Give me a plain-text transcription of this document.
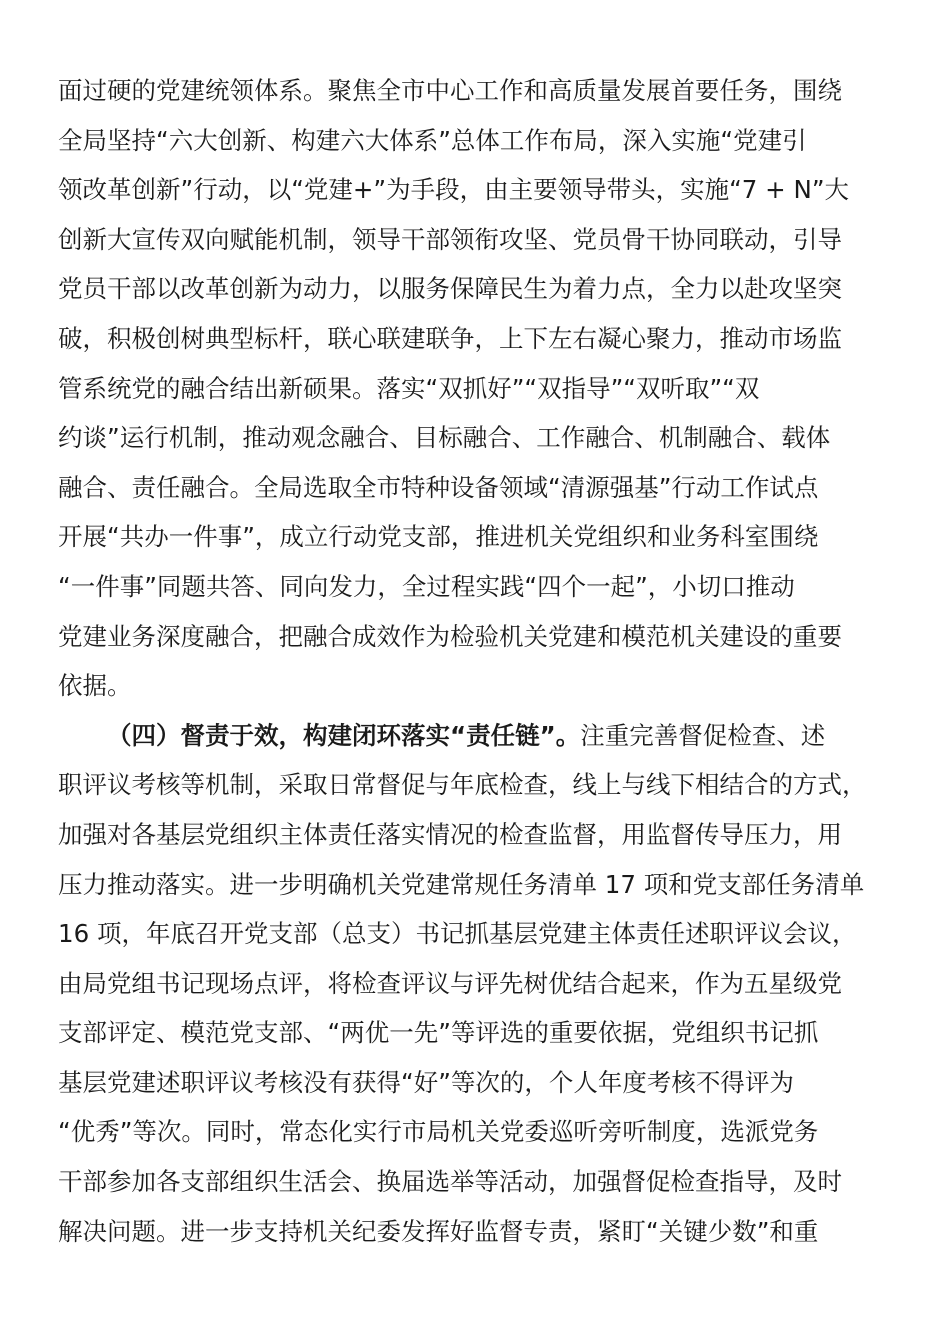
面过硬的党建统领体系。聚焦全市中心工作和高质量发展首要任务，围绕
全局坚持“六大创新、构建六大体系”总体工作布局，深入实施“党建引
领改革创新”行动，以“党建+”为手段，由主要领导带头，实施“7 + N”大
创新大宣传双向赋能机制，领导干部领衔攻坚、党员骨干协同联动，引导
党员干部以改革创新为动力，以服务保障民生为着力点，全力以赴攻坚突
破，积极创树典型标杆，联心联建联争，上下左右凝心聚力，推动市场监
管系统党的融合结出新硕果。落实“双抓好”“双指导”“双听取”“双
约谈”运行机制，推动观念融合、目标融合、工作融合、机制融合、载体
融合、责任融合。全局选取全市特种设备领域“清源强基”行动工作试点
开展“共办一件事”，成立行动党支部，推进机关党组织和业务科室围绕
“一件事”同题共答、同向发力，全过程实践“四个一起”，小切口推动
党建业务深度融合，把融合成效作为检验机关党建和模范机关建设的重要
依据。
（四）督责于效，构建闭环落实“责任链”。注重完善督促检查、述
职评议考核等机制，采取日常督促与年底检查，线上与线下相结合的方式，
加强对各基层党组织主体责任落实情况的检查监督，用监督传导压力，用
压力推动落实。进一步明确机关党建常规任务清单 17 项和党支部任务清单
16 项，年底召开党支部（总支）书记抓基层党建主体责任述职评议会议，
由局党组书记现场点评，将检查评议与评先树优结合起来，作为五星级党
支部评定、模范党支部、“两优一先”等评选的重要依据，党组织书记抓
基层党建述职评议考核没有获得“好”等次的，个人年度考核不得评为
“优秀”等次。同时，常态化实行市局机关党委巡听旁听制度，选派党务
干部参加各支部组织生活会、换届选举等活动，加强督促检查指导，及时
解决问题。进一步支持机关纪委发挥好监督专责，紧盯“关键少数”和重
